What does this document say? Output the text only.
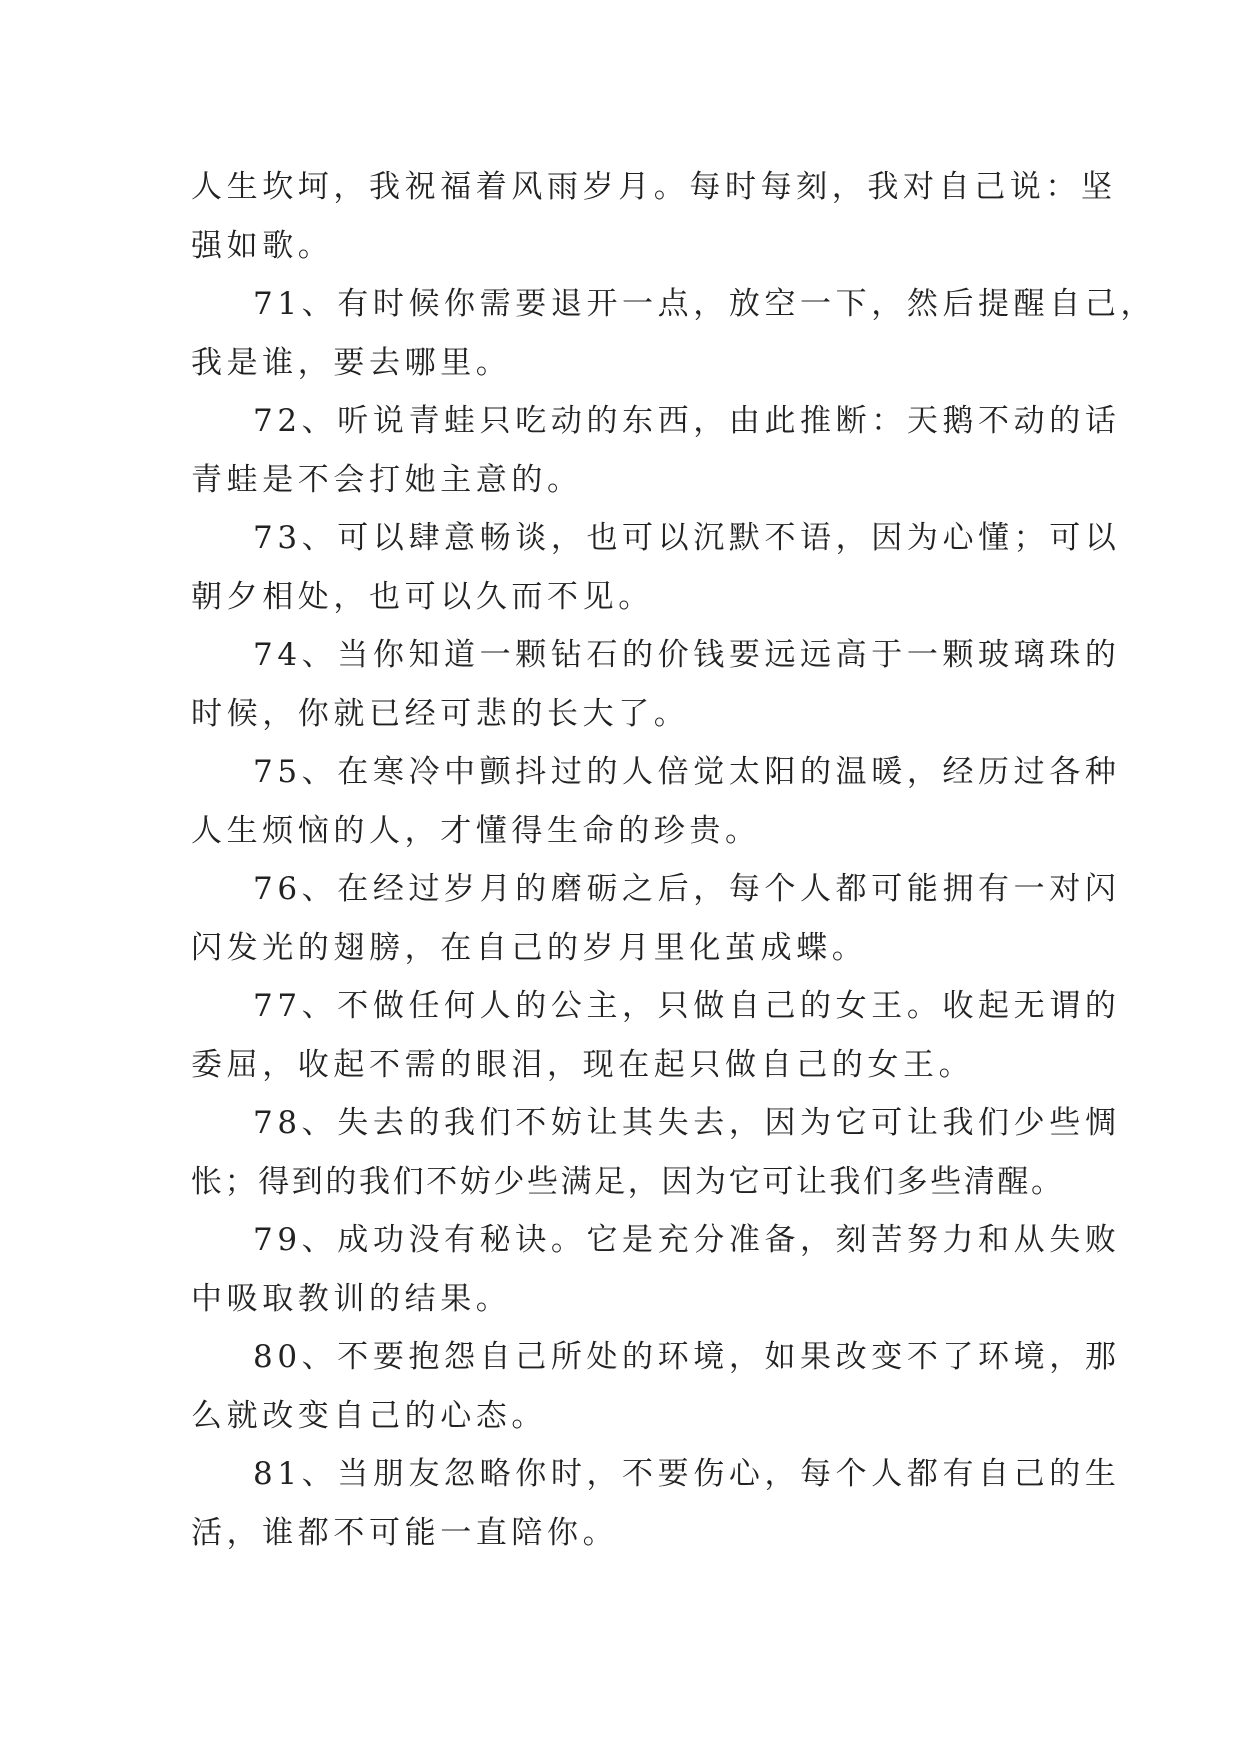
人生坎坷，我祝福着风雨岁月。每时每刻，我对自己说：坚
强如歌。
71、有时候你需要退开一点，放空一下，然后提醒自己，
我是谁，要去哪里。
72、听说青蛙只吃动的东西，由此推断：天鹅不动的话
青蛙是不会打她主意的。
73、可以肆意畅谈，也可以沉默不语，因为心懂；可以
朝夕相处，也可以久而不见。
74、当你知道一颗钻石的价钱要远远高于一颗玻璃珠的
时候，你就已经可悲的长大了。
75、在寒冷中颤抖过的人倍觉太阳的温暖，经历过各种
人生烦恼的人，才懂得生命的珍贵。
76、在经过岁月的磨砺之后，每个人都可能拥有一对闪
闪发光的翅膀，在自己的岁月里化茧成蝶。
77、不做任何人的公主，只做自己的女王。收起无谓的
委屈，收起不需的眼泪，现在起只做自己的女王。
78、失去的我们不妨让其失去，因为它可让我们少些惆
怅；得到的我们不妨少些满足，因为它可让我们多些清醒。
79、成功没有秘诀。它是充分准备，刻苦努力和从失败
中吸取教训的结果。
80、不要抱怨自己所处的环境，如果改变不了环境，那
么就改变自己的心态。
81、当朋友忽略你时，不要伤心，每个人都有自己的生
活，谁都不可能一直陪你。
